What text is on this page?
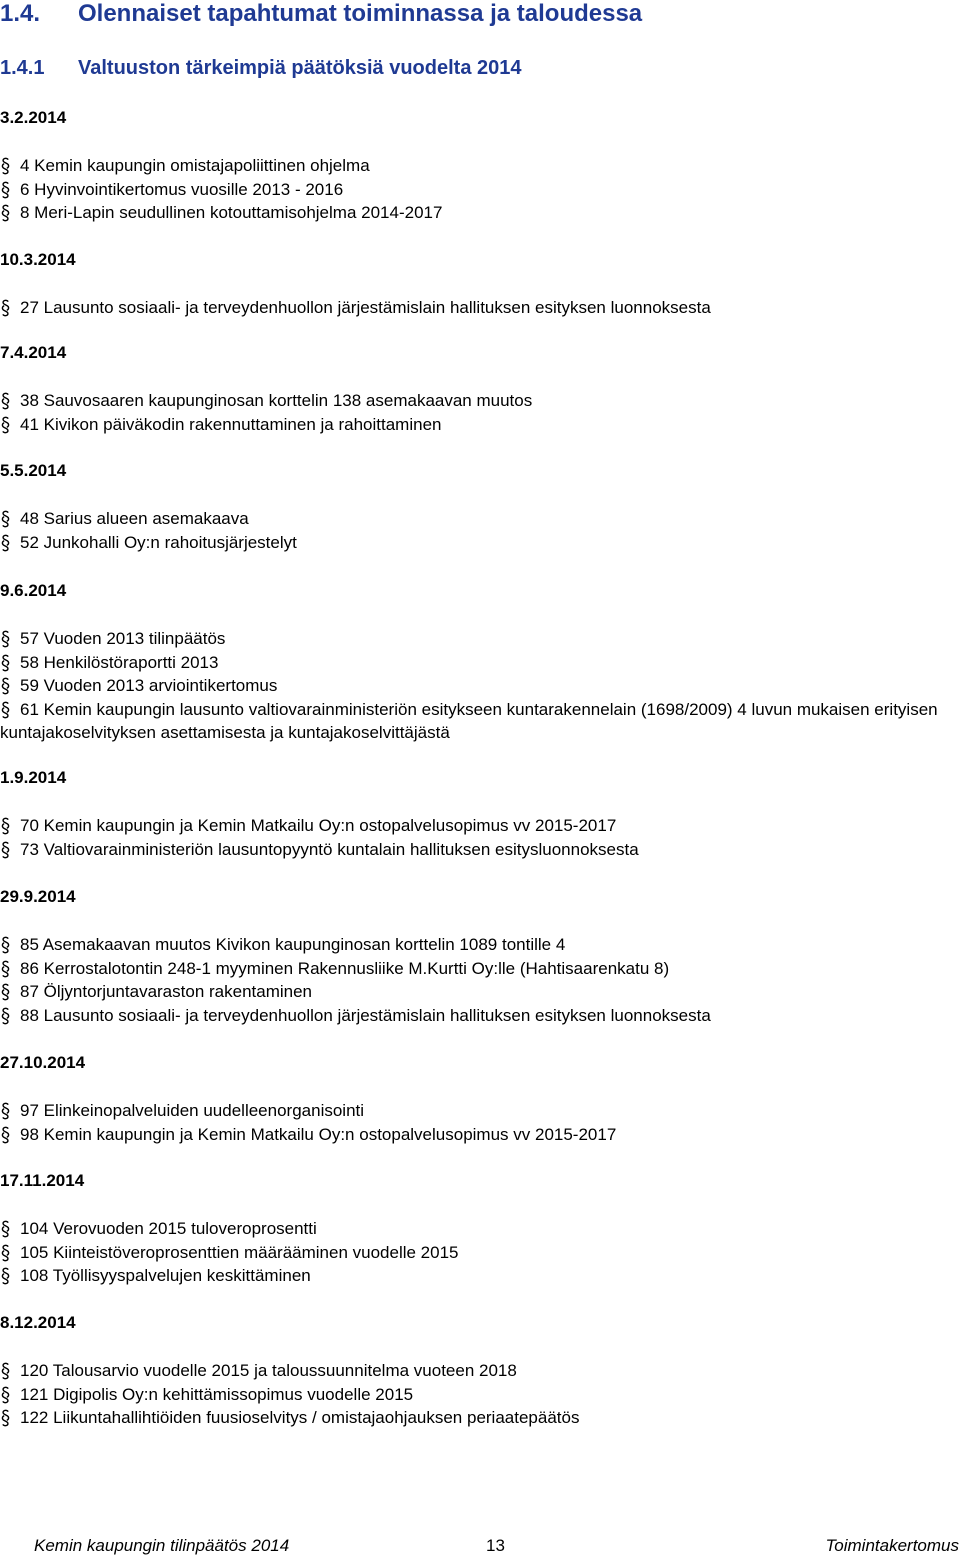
1.4. Olennaiset tapahtumat toiminnassa ja taloudessa
1.4.1 Valtuuston tärkeimpiä päätöksiä vuodelta 2014
3.2.2014
4 Kemin kaupungin omistajapoliittinen ohjelma
6 Hyvinvointikertomus vuosille 2013 - 2016
8 Meri-Lapin seudullinen kotouttamisohjelma 2014-2017
10.3.2014
27 Lausunto sosiaali- ja terveydenhuollon järjestämislain hallituksen esityksen luonnoksesta
7.4.2014
38 Sauvosaaren kaupunginosan korttelin 138 asemakaavan muutos
41 Kivikon päiväkodin rakennuttaminen ja rahoittaminen
5.5.2014
48 Sarius alueen asemakaava
52 Junkohalli Oy:n rahoitusjärjestelyt
9.6.2014
57 Vuoden 2013 tilinpäätös
58 Henkilöstöraportti 2013
59 Vuoden 2013 arviointikertomus
61 Kemin kaupungin lausunto valtiovarainministeriön esitykseen kuntarakennelain (1698/2009) 4 luvun mukaisen erityisen kuntajakoselvityksen asettamisesta ja kuntajakoselvittäjästä
1.9.2014
70 Kemin kaupungin ja Kemin Matkailu Oy:n ostopalvelusopimus vv 2015-2017
73 Valtiovarainministeriön lausuntopyyntö kuntalain hallituksen esitysluonnoksesta
29.9.2014
85 Asemakaavan muutos Kivikon kaupunginosan korttelin 1089 tontille 4
86 Kerrostalotontin 248-1 myyminen Rakennusliike M.Kurtti Oy:lle (Hahtisaarenkatu 8)
87 Öljyntorjuntavaraston rakentaminen
88 Lausunto sosiaali- ja terveydenhuollon järjestämislain hallituksen esityksen luonnoksesta
27.10.2014
97 Elinkeinopalveluiden uudelleenorganisointi
98 Kemin kaupungin ja Kemin Matkailu Oy:n ostopalvelusopimus vv 2015-2017
17.11.2014
104 Verovuoden 2015 tuloveroprosentti
105 Kiinteistöveroprosenttien määrääminen vuodelle 2015
108 Työllisyyspalvelujen keskittäminen
8.12.2014
120 Talousarvio vuodelle 2015 ja taloussuunnitelma vuoteen 2018
121 Digipolis Oy:n kehittämissopimus vuodelle 2015
122 Liikuntahallihtiöiden fuusioselvitys / omistajaohjauksen periaatepäätös
Kemin kaupungin tilinpäätös 2014	13	Toimintakertomus
